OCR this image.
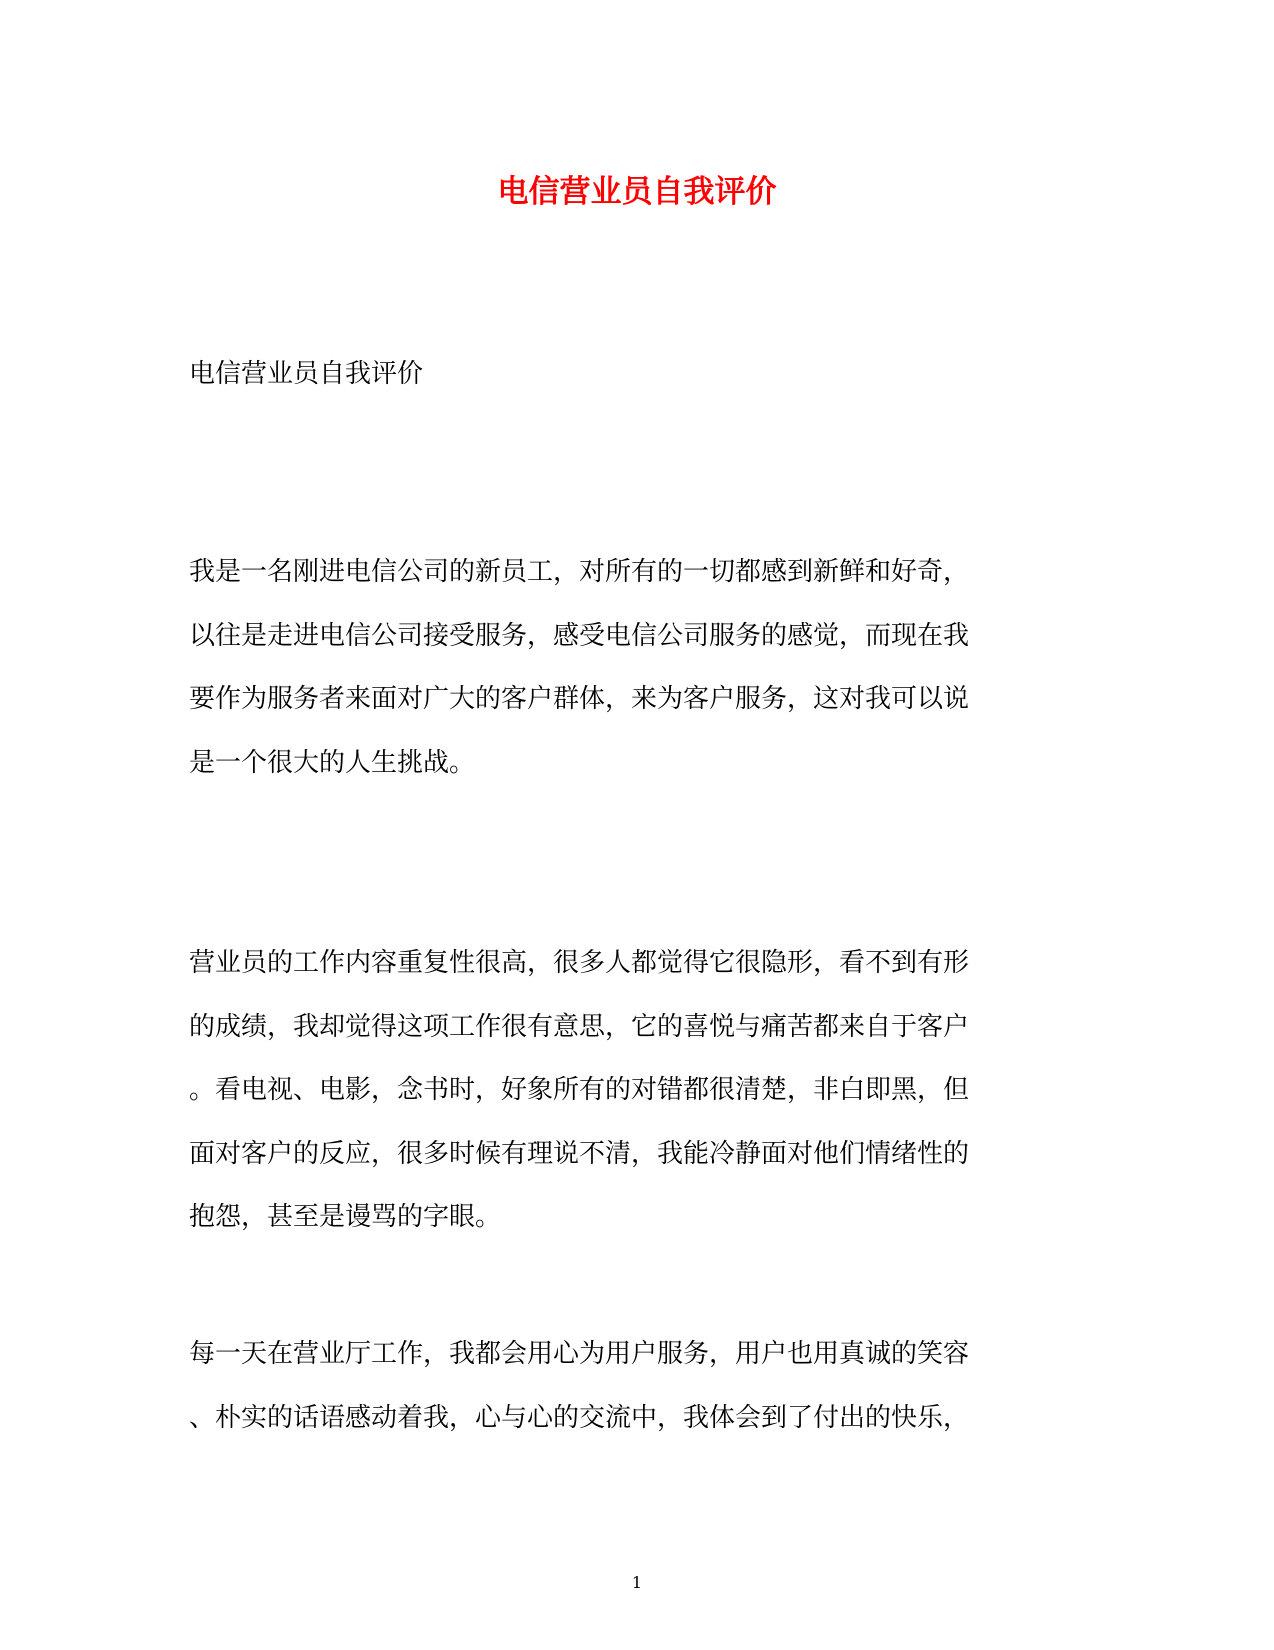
电信营业员自我评价

电信营业员自我评价

我是一名刚进电信公司的新员工，对所有的一切都感到新鲜和好奇，
以往是走进电信公司接受服务，感受电信公司服务的感觉，而现在我
要作为服务者来面对广大的客户群体，来为客户服务，这对我可以说
是一个很大的人生挑战。
营业员的工作内容重复性很高，很多人都觉得它很隐形，看不到有形
的成绩，我却觉得这项工作很有意思，它的喜悦与痛苦都来自于客户
。看电视、电影，念书时，好象所有的对错都很清楚，非白即黑，但
面对客户的反应，很多时候有理说不清，我能冷静面对他们情绪性的
抱怨，甚至是谩骂的字眼。
每一天在营业厅工作，我都会用心为用户服务，用户也用真诚的笑容
、朴实的话语感动着我，心与心的交流中，我体会到了付出的快乐，
1
